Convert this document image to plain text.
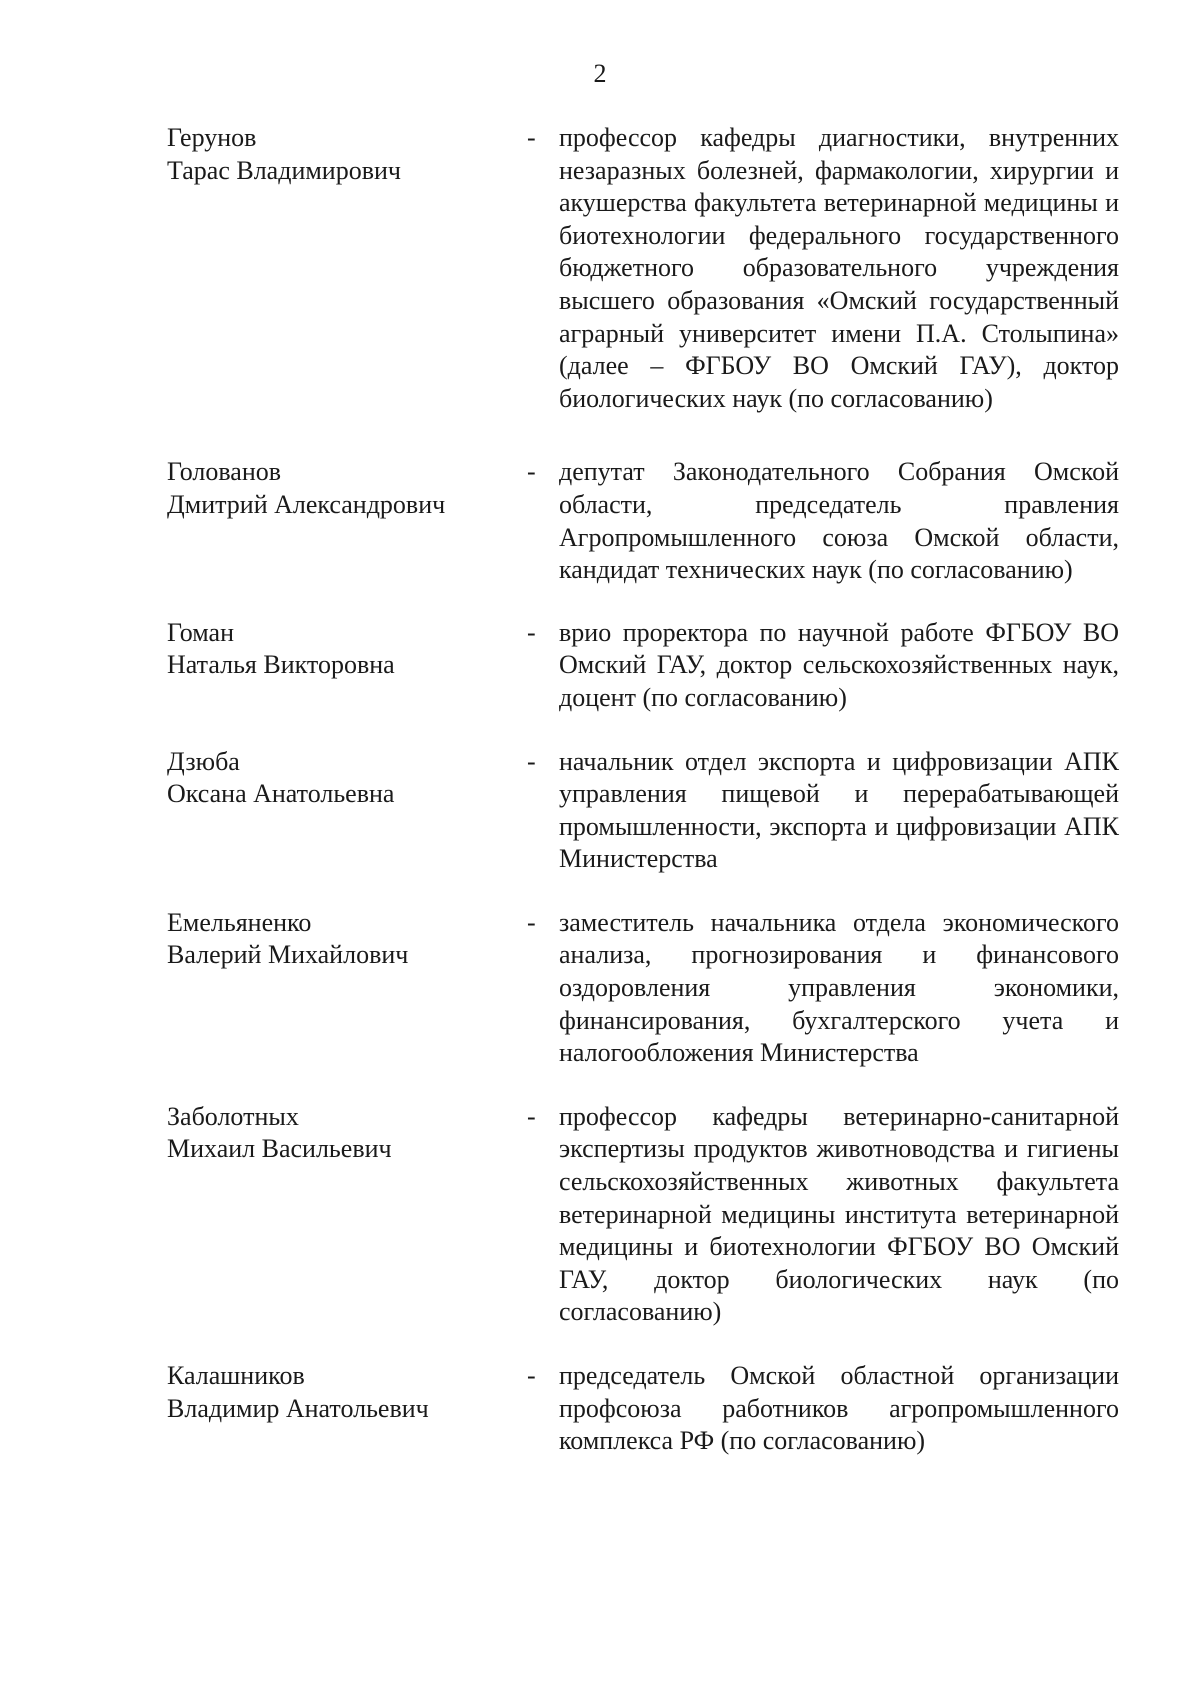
2
Герунов
Тарас Владимирович
- профессор кафедры диагностики, внутренних незаразных болезней, фармакологии, хирургии и акушерства факультета ветеринарной медицины и биотехнологии федерального государственного бюджетного образовательного учреждения высшего образования «Омский государственный аграрный университет имени П.А. Столыпина» (далее – ФГБОУ ВО Омский ГАУ), доктор биологических наук (по согласованию)
Голованов
Дмитрий Александрович
- депутат Законодательного Собрания Омской области, председатель правления Агропромышленного союза Омской области, кандидат технических наук (по согласованию)
Гоман
Наталья Викторовна
- врио проректора по научной работе ФГБОУ ВО Омский ГАУ, доктор сельскохозяйственных наук, доцент (по согласованию)
Дзюба
Оксана Анатольевна
- начальник отдел экспорта и цифровизации АПК управления пищевой и перерабатывающей промышленности, экспорта и цифровизации АПК Министерства
Емельяненко
Валерий Михайлович
- заместитель начальника отдела экономического анализа, прогнозирования и финансового оздоровления управления экономики, финансирования, бухгалтерского учета и налогообложения Министерства
Заболотных
Михаил Васильевич
- профессор кафедры ветеринарно-санитарной экспертизы продуктов животноводства и гигиены сельскохозяйственных животных факультета ветеринарной медицины института ветеринарной медицины и биотехнологии ФГБОУ ВО Омский ГАУ, доктор биологических наук (по согласованию)
Калашников
Владимир Анатольевич
- председатель Омской областной организации профсоюза работников агропромышленного комплекса РФ (по согласованию)
